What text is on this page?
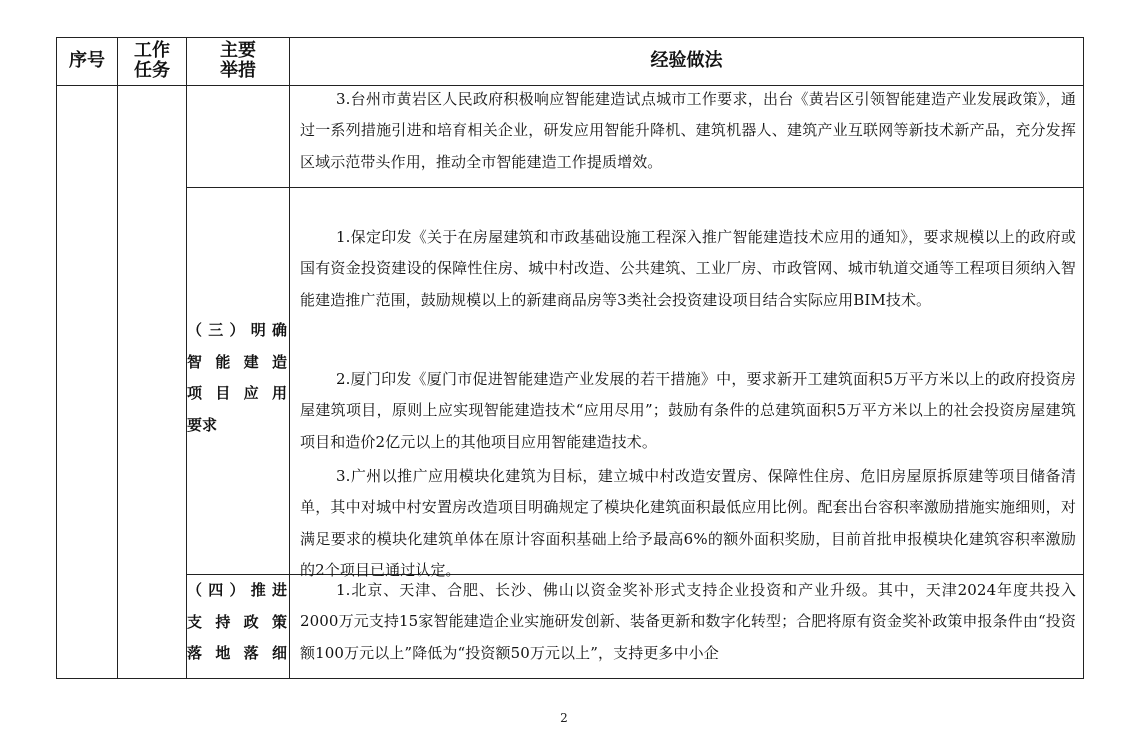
序号 工作
任务
主要
举措	经验做法

3.台州市黄岩区人民政府积极响应智能建造试点城市工作要求，出台《黄岩区引领智能建造产业发展政策》，通过一系列措施引进和培育相关企业，研发应用智能升降机、建筑机器人、建筑产业互联网等新技术新产品，充分发挥区域示范带头作用，推动全市智能建造工作提质增效。

（三）明确
智能建造
项目应用
要求

1.保定印发《关于在房屋建筑和市政基础设施工程深入推广智能建造技术应用的通知》，要求规模以上的政府或国有资金投资建设的保障性住房、城中村改造、公共建筑、工业厂房、市政管网、城市轨道交通等工程项目须纳入智能建造推广范围，鼓励规模以上的新建商品房等3类社会投资建设项目结合实际应用BIM技术。

2.厦门印发《厦门市促进智能建造产业发展的若干措施》中，要求新开工建筑面积5万平方米以上的政府投资房屋建筑项目，原则上应实现智能建造技术“应用尽用”；鼓励有条件的总建筑面积5万平方米以上的社会投资房屋建筑项目和造价2亿元以上的其他项目应用智能建造技术。

3.广州以推广应用模块化建筑为目标，建立城中村改造安置房、保障性住房、危旧房屋原拆原建等项目储备清单，其中对城中村安置房改造项目明确规定了模块化建筑面积最低应用比例。配套出台容积率激励措施实施细则，对满足要求的模块化建筑单体在原计容面积基础上给予最高6%的额外面积奖励，目前首批申报模块化建筑容积率激励的2个项目已通过认定。

（四）推进
支持政策
落地落细

1.北京、天津、合肥、长沙、佛山以资金奖补形式支持企业投资和产业升级。其中，天津2024年度共投入2000万元支持15家智能建造企业实施研发创新、装备更新和数字化转型；合肥将原有资金奖补政策申报条件由“投资额100万元以上”降低为“投资额50万元以上”，支持更多中小企

2
